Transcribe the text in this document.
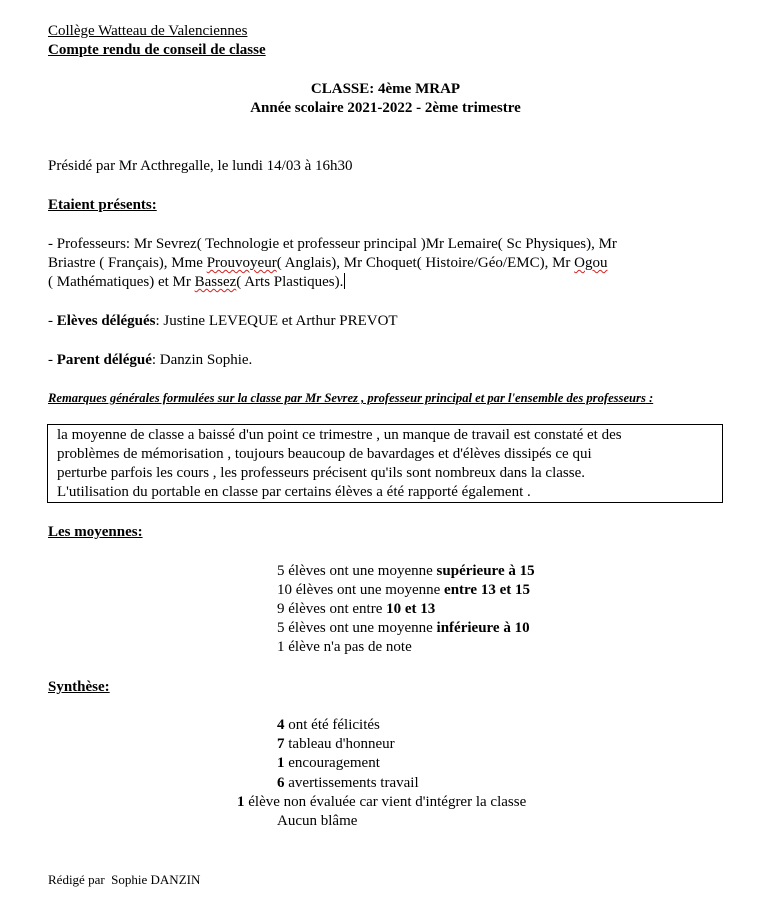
Collège Watteau de Valenciennes
Compte rendu de conseil de classe
CLASSE: 4ème MRAP
Année scolaire 2021-2022 - 2ème trimestre
Présidé par Mr Acthregalle, le lundi 14/03 à 16h30
Etaient présents:
- Professeurs: Mr Sevrez( Technologie et professeur principal )Mr Lemaire( Sc Physiques), Mr
Briastre ( Français), Mme Prouvoyeur( Anglais), Mr Choquet( Histoire/Géo/EMC), Mr Ogou
( Mathématiques) et Mr Bassez( Arts Plastiques).
- Elèves délégués: Justine LEVEQUE et Arthur PREVOT
- Parent délégué: Danzin Sophie.
Remarques générales formulées sur la classe par Mr Sevrez , professeur principal et par l'ensemble des professeurs :
la moyenne de classe a baissé d'un point ce trimestre , un manque de travail est constaté et des
problèmes de mémorisation , toujours beaucoup de bavardages et d'élèves dissipés ce qui
perturbe parfois les cours , les professeurs précisent qu'ils sont nombreux dans la classe.
L'utilisation du portable en classe par certains élèves a été rapporté également .
Les moyennes:
5 élèves ont une moyenne supérieure à 15
10 élèves ont une moyenne entre 13 et 15
9 élèves ont entre 10 et 13
5 élèves ont une moyenne inférieure à 10
1 élève n'a pas de note
Synthèse:
4 ont été félicités
7 tableau d'honneur
1 encouragement
6 avertissements travail
1 élève non évaluée car vient d'intégrer la classe
Aucun blâme
Rédigé par  Sophie DANZIN
